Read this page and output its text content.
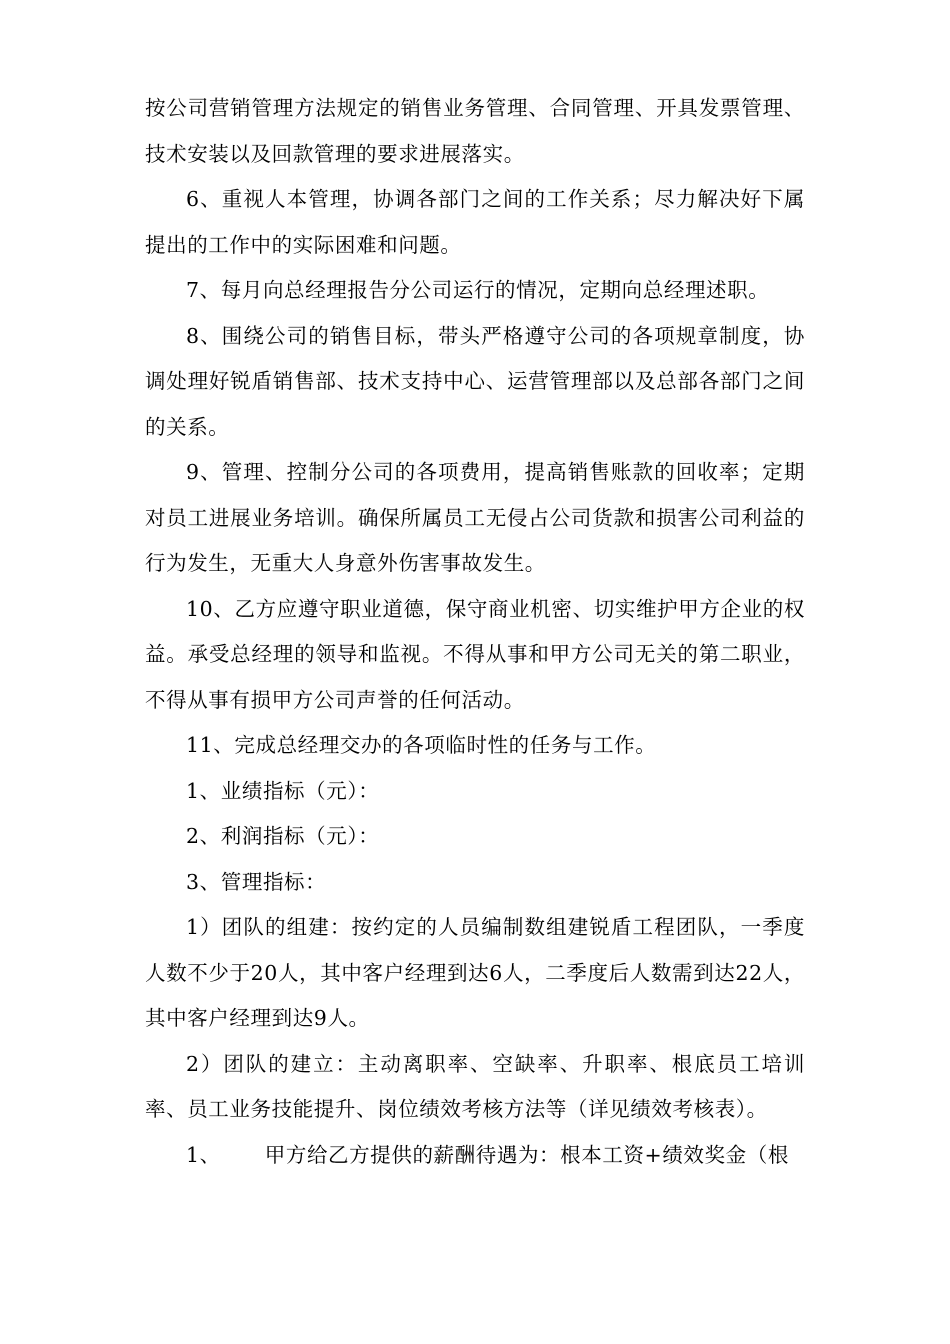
按公司营销管理方法规定的销售业务管理、合同管理、开具发票管理、技术安装以及回款管理的要求进展落实。

6、重视人本管理，协调各部门之间的工作关系；尽力解决好下属提出的工作中的实际困难和问题。

7、每月向总经理报告分公司运行的情况，定期向总经理述职。

8、围绕公司的销售目标，带头严格遵守公司的各项规章制度，协调处理好锐盾销售部、技术支持中心、运营管理部以及总部各部门之间的关系。

9、管理、控制分公司的各项费用，提高销售账款的回收率；定期对员工进展业务培训。确保所属员工无侵占公司货款和损害公司利益的行为发生，无重大人身意外伤害事故发生。

10、乙方应遵守职业道德，保守商业机密、切实维护甲方企业的权益。承受总经理的领导和监视。不得从事和甲方公司无关的第二职业，不得从事有损甲方公司声誉的任何活动。

11、完成总经理交办的各项临时性的任务与工作。

1、业绩指标（元）：

2、利润指标（元）：

3、管理指标：

1）团队的组建：按约定的人员编制数组建锐盾工程团队，一季度人数不少于20人，其中客户经理到达6人，二季度后人数需到达22人，其中客户经理到达9人。

2）团队的建立：主动离职率、空缺率、升职率、根底员工培训率、员工业务技能提升、岗位绩效考核方法等（详见绩效考核表）。

1、 甲方给乙方提供的薪酬待遇为：根本工资+绩效奖金（根
